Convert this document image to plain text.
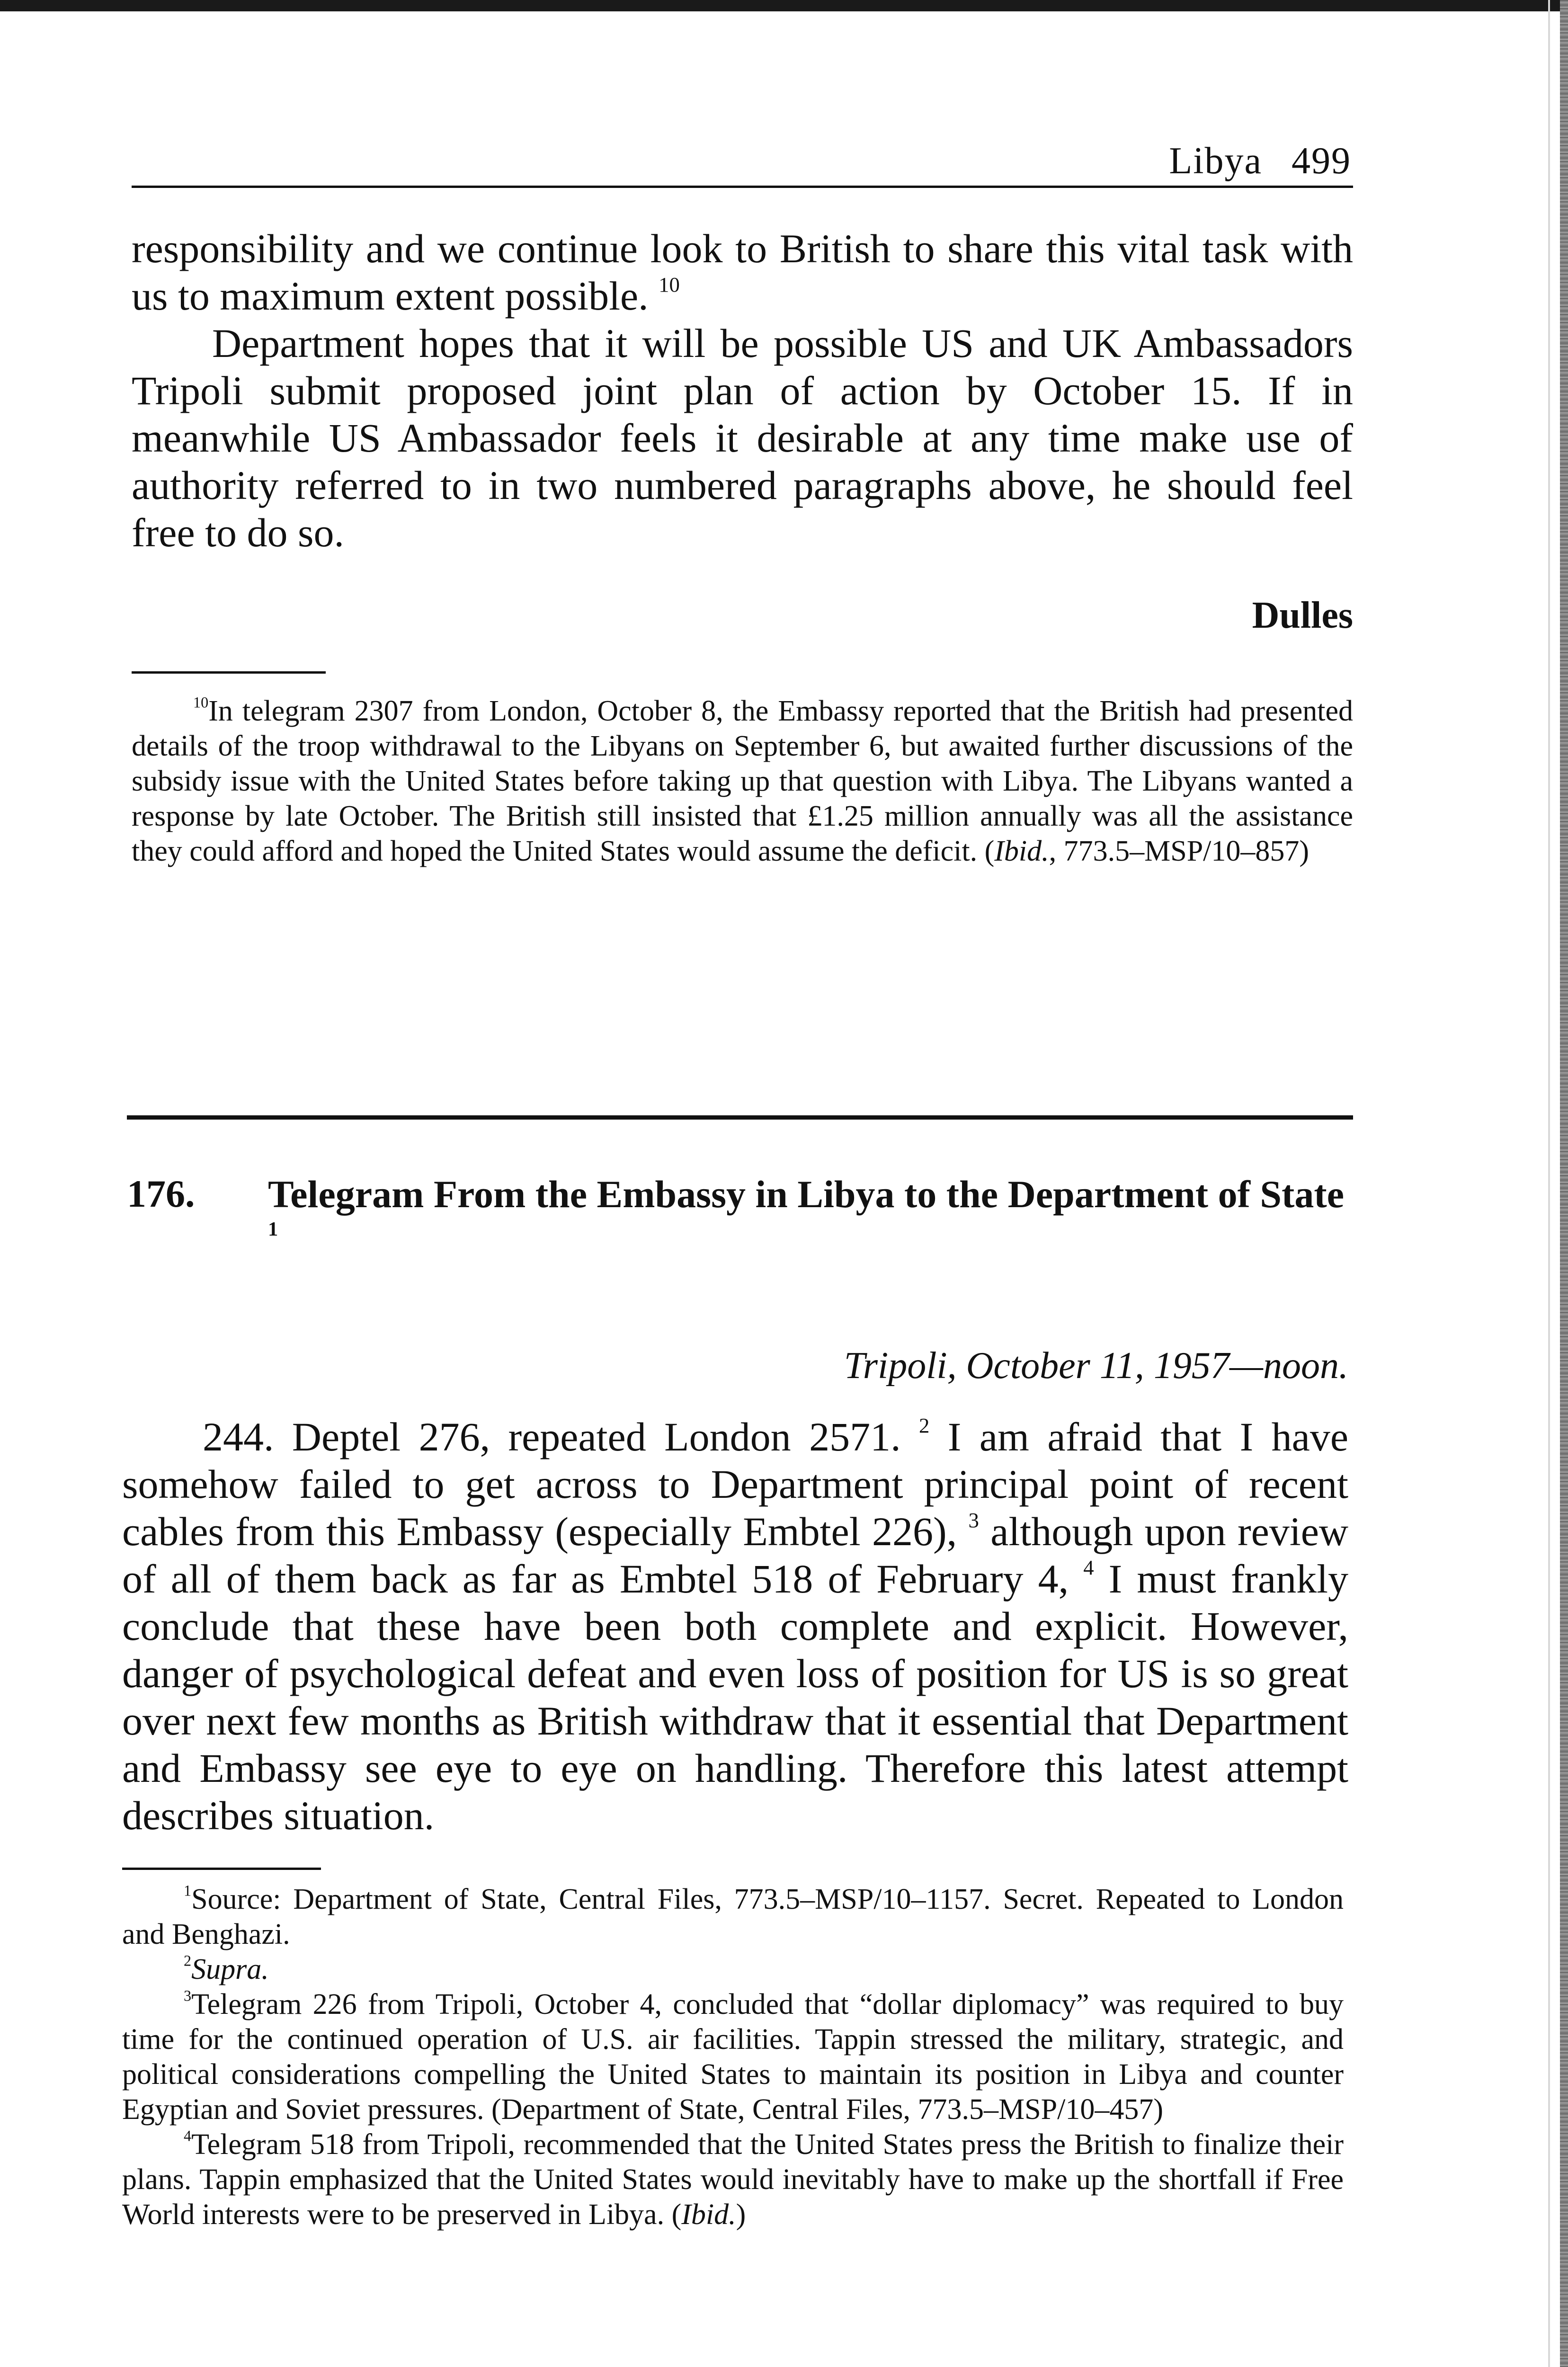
Libya 499

responsibility and we continue look to British to share this vital task with us to maximum extent possible. $^{10}$

Department hopes that it will be possible US and UK Ambassadors Tripoli submit proposed joint plan of action by October 15. If in meanwhile US Ambassador feels it desirable at any time make use of authority referred to in two numbered paragraphs above, he should feel free to do so.

Dulles

$^{10}$In telegram 2307 from London, October 8, the Embassy reported that the British had presented details of the troop withdrawal to the Libyans on September 6, but awaited further discussions of the subsidy issue with the United States before taking up that question with Libya. The Libyans wanted a response by late October. The British still insisted that £1.25 million annually was all the assistance they could afford and hoped the United States would assume the deficit. (Ibid., 773.5–MSP/10–857)

176. Telegram From the Embassy in Libya to the Department of State $^1$
Tripoli, October 11, 1957—noon.

244. Deptel 276, repeated London 2571. $^2$ I am afraid that I have somehow failed to get across to Department principal point of recent cables from this Embassy (especially Embtel 226), $^3$ although upon review of all of them back as far as Embtel 518 of February 4, $^4$ I must frankly conclude that these have been both complete and explicit. However, danger of psychological defeat and even loss of position for US is so great over next few months as British withdraw that it essential that Department and Embassy see eye to eye on handling. Therefore this latest attempt describes situation.

$^1$Source: Department of State, Central Files, 773.5–MSP/10–1157. Secret. Repeated to London and Benghazi.

$^2$Supra.

$^3$Telegram 226 from Tripoli, October 4, concluded that “dollar diplomacy” was required to buy time for the continued operation of U.S. air facilities. Tappin stressed the military, strategic, and political considerations compelling the United States to maintain its position in Libya and counter Egyptian and Soviet pressures. (Department of State, Central Files, 773.5–MSP/10–457)

$^4$Telegram 518 from Tripoli, recommended that the United States press the British to finalize their plans. Tappin emphasized that the United States would inevitably have to make up the shortfall if Free World interests were to be preserved in Libya. (Ibid.)
